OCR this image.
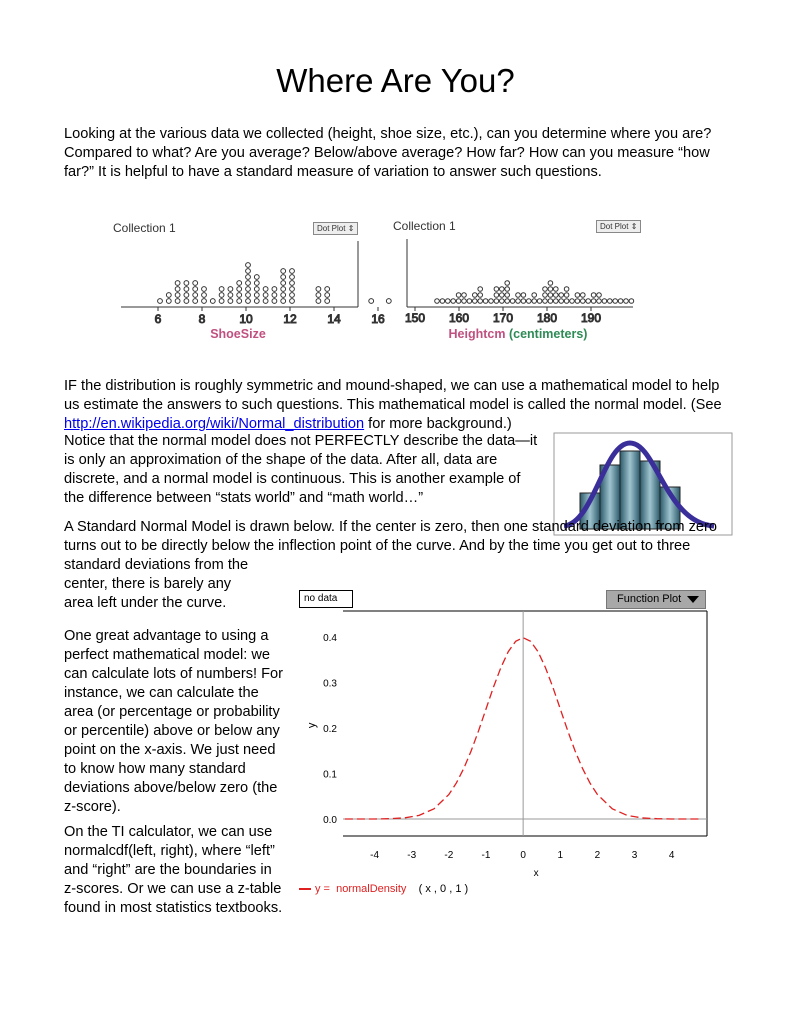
Where Are You?
Looking at the various data we collected (height, shoe size, etc.), can you determine where you are? Compared to what? Are you average? Below/above average? How far? How can you measure “how far?” It is helpful to have a standard measure of variation to answer such questions.
Collection 1	Dot Plot ⇕
6	8	10	12	14	16
ShoeSize
Collection 1	Dot Plot ⇕
150 160 170 180 190
Heightcm (centimeters)
IF the distribution is roughly symmetric and mound-shaped, we can use a mathematical model to help us estimate the answers to such questions. This mathematical model is called the normal model. (See http://en.wikipedia.org/wiki/Normal_distribution for more background.)
Notice that the normal model does not PERFECTLY describe the data—it is only an approximation of the shape of the data. After all, data are discrete, and a normal model is continuous. This is another example of the difference between “stats world” and “math world…”
A Standard Normal Model is drawn below. If the center is zero, then one standard deviation from zero turns out to be directly below the inflection point of the curve. And by the time you get out to three standard deviations from the
center, there is barely any area left under the curve.
One great advantage to using a perfect mathematical model: we can calculate lots of numbers! For instance, we can calculate the area (or percentage or probability or percentile) above or below any point on the x-axis. We just need to know how many standard deviations above/below zero (the z-score).
On the TI calculator, we can use normalcdf(left, right), where “left” and “right” are the boundaries in z-scores. Or we can use a z-table found in most statistics textbooks.
no data	Function Plot
0.4
0.3
0.2
0.1
0.0
-4	-3	-2	-1	0	1	2	3	4
y
x
y = normalDensity ( x , 0 , 1 )
